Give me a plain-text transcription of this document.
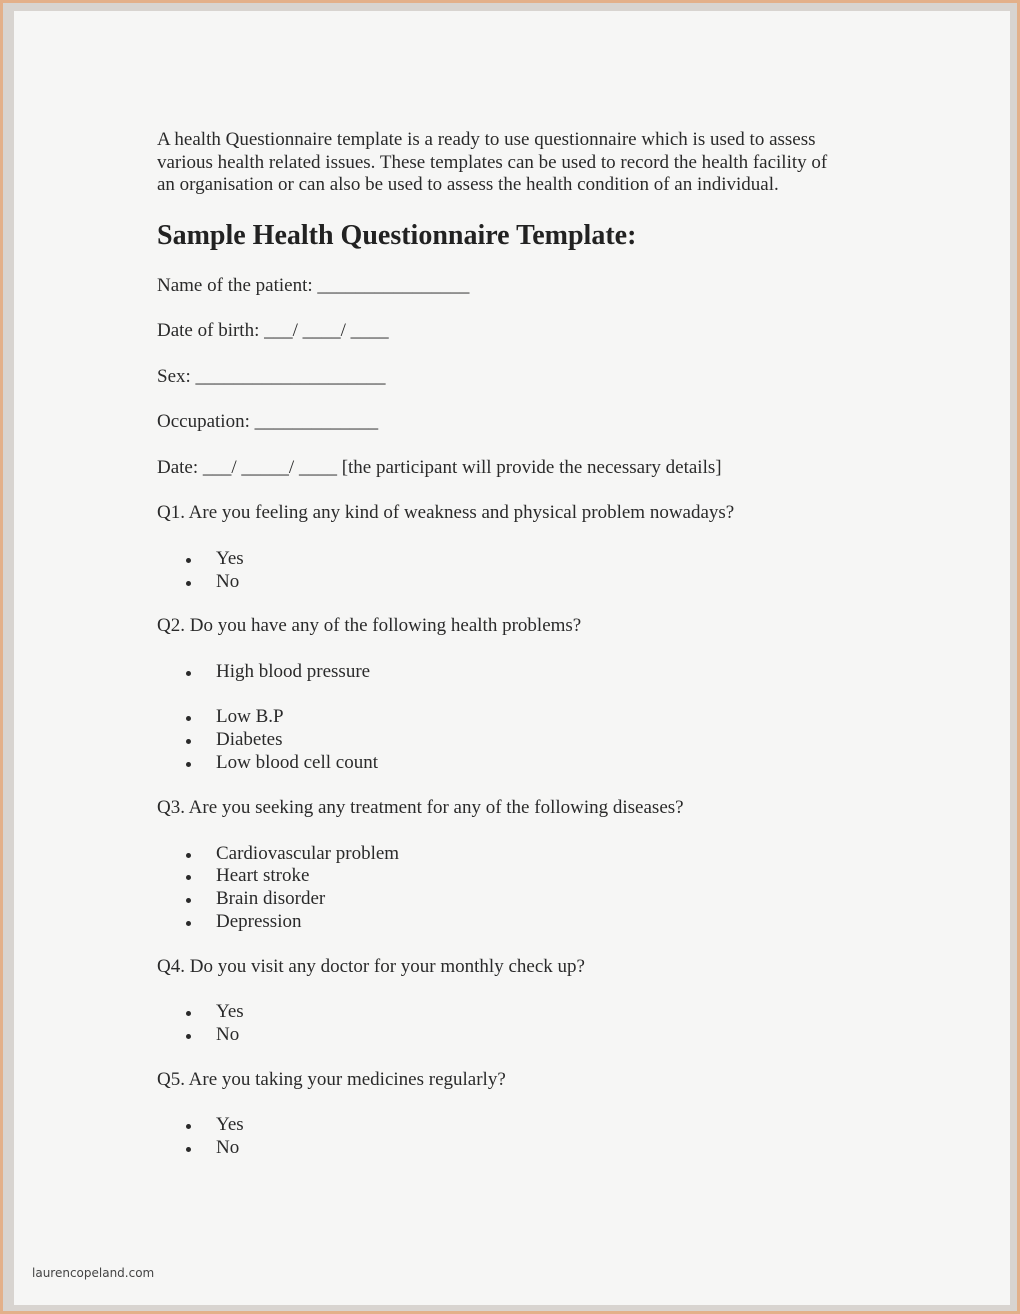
A health Questionnaire template is a ready to use questionnaire which is used to assess
various health related issues. These templates can be used to record the health facility of
an organisation or can also be used to assess the health condition of an individual.
Sample Health Questionnaire Template:
Name of the patient: ________________
Date of birth: ___/ ____/ ____
Sex: ____________________
Occupation: _____________
Date: ___/ _____/ ____ [the participant will provide the necessary details]
Q1. Are you feeling any kind of weakness and physical problem nowadays?
Yes
No
Q2. Do you have any of the following health problems?
High blood pressure
Low B.P
Diabetes
Low blood cell count
Q3. Are you seeking any treatment for any of the following diseases?
Cardiovascular problem
Heart stroke
Brain disorder
Depression
Q4. Do you visit any doctor for your monthly check up?
Yes
No
Q5. Are you taking your medicines regularly?
Yes
No
laurencopeland.com
